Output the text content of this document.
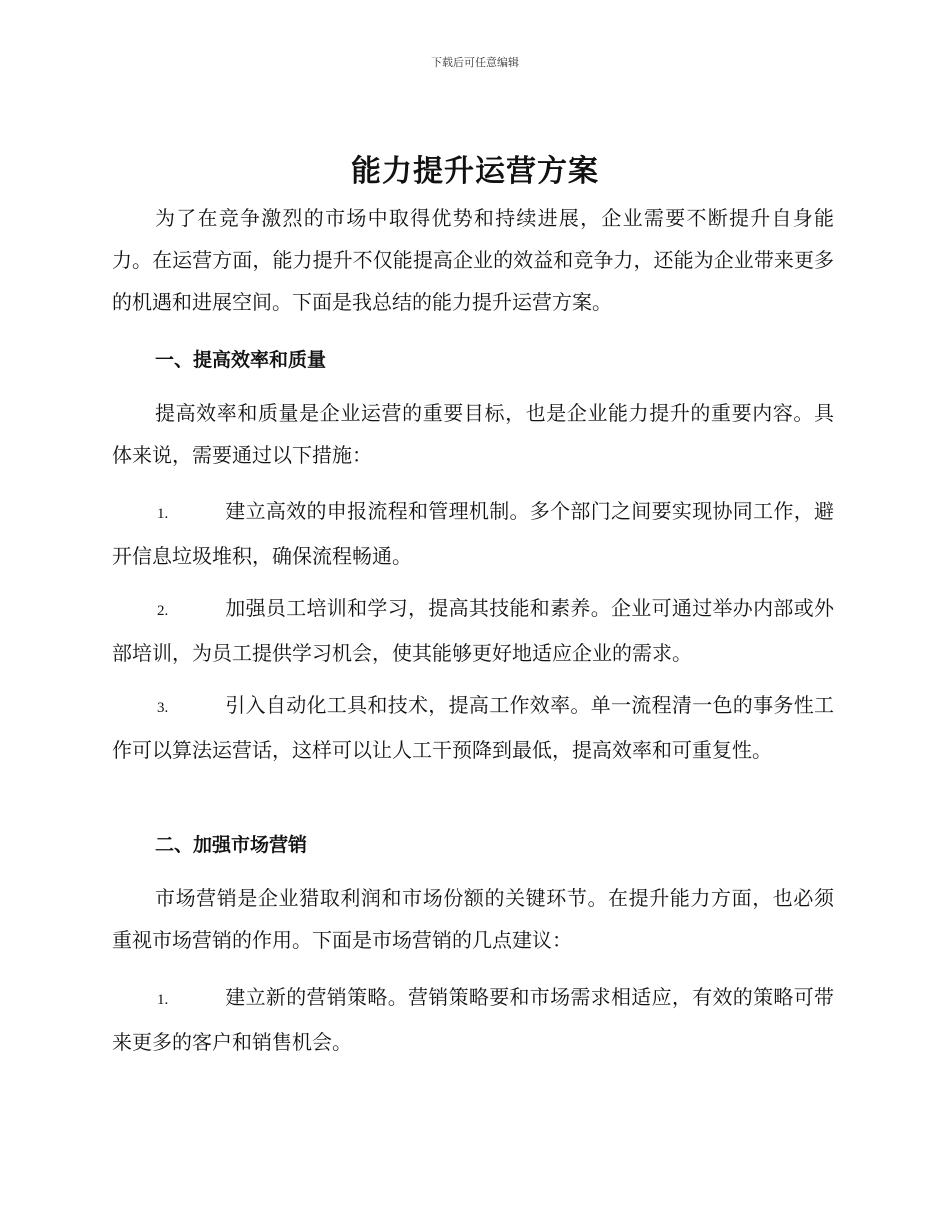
下载后可任意编辑
能力提升运营方案

为了在竞争激烈的市场中取得优势和持续进展，企业需要不断提升自身能力。在运营方面，能力提升不仅能提高企业的效益和竞争力，还能为企业带来更多的机遇和进展空间。下面是我总结的能力提升运营方案。

一、提高效率和质量

提高效率和质量是企业运营的重要目标，也是企业能力提升的重要内容。具体来说，需要通过以下措施：

1.	建立高效的申报流程和管理机制。多个部门之间要实现协同工作，避开信息垃圾堆积，确保流程畅通。

2.	加强员工培训和学习，提高其技能和素养。企业可通过举办内部或外部培训，为员工提供学习机会，使其能够更好地适应企业的需求。

3.	引入自动化工具和技术，提高工作效率。单一流程清一色的事务性工作可以算法运营话，这样可以让人工干预降到最低，提高效率和可重复性。

二、加强市场营销

市场营销是企业猎取利润和市场份额的关键环节。在提升能力方面，也必须重视市场营销的作用。下面是市场营销的几点建议：

1.	建立新的营销策略。营销策略要和市场需求相适应，有效的策略可带来更多的客户和销售机会。
